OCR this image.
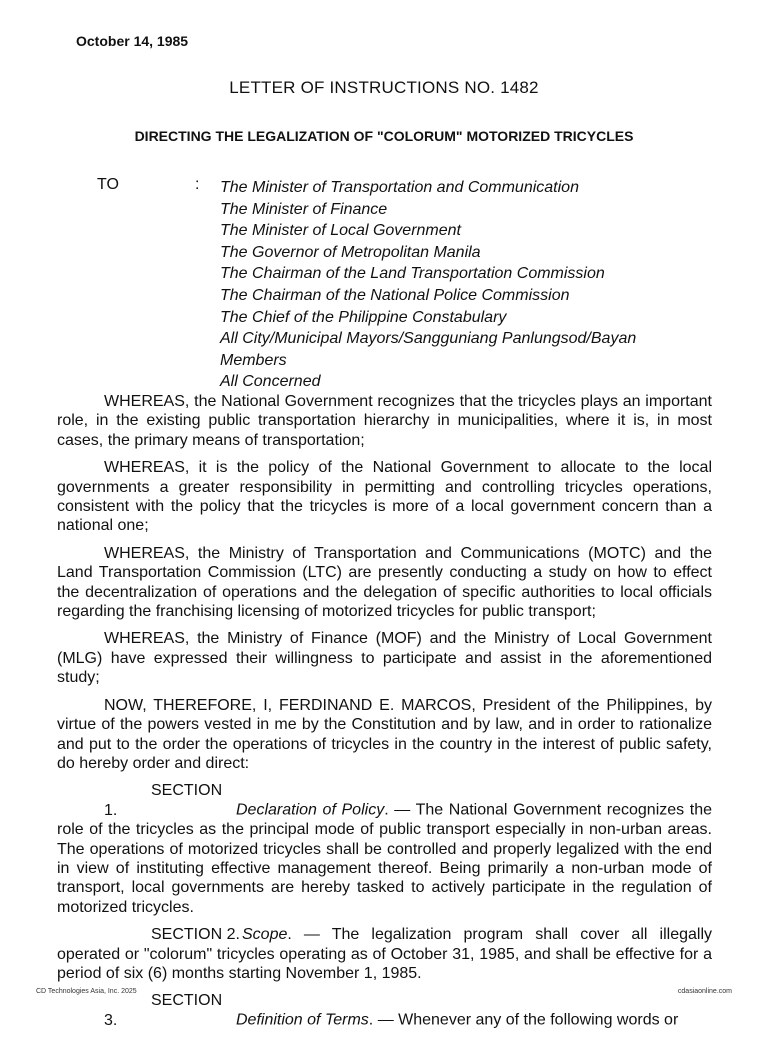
October 14, 1985
LETTER OF INSTRUCTIONS NO. 1482
DIRECTING THE LEGALIZATION OF "COLORUM" MOTORIZED TRICYCLES
TO	: The Minister of Transportation and Communication
The Minister of Finance
The Minister of Local Government
The Governor of Metropolitan Manila
The Chairman of the Land Transportation Commission
The Chairman of the National Police Commission
The Chief of the Philippine Constabulary
All City/Municipal Mayors/Sangguniang Panlungsod/Bayan
Members
All Concerned

WHEREAS, the National Government recognizes that the tricycles plays an important role, in the existing public transportation hierarchy in municipalities, where it is, in most cases, the primary means of transportation;

WHEREAS, it is the policy of the National Government to allocate to the local governments a greater responsibility in permitting and controlling tricycles operations, consistent with the policy that the tricycles is more of a local government concern than a national one;

WHEREAS, the Ministry of Transportation and Communications (MOTC) and the Land Transportation Commission (LTC) are presently conducting a study on how to effect the decentralization of operations and the delegation of specific authorities to local officials regarding the franchising licensing of motorized tricycles for public transport;

WHEREAS, the Ministry of Finance (MOF) and the Ministry of Local Government (MLG) have expressed their willingness to participate and assist in the aforementioned study;

NOW, THEREFORE, I, FERDINAND E. MARCOS, President of the Philippines, by virtue of the powers vested in me by the Constitution and by law, and in order to rationalize and put to the order the operations of tricycles in the country in the interest of public safety, do hereby order and direct:

SECTION 1.	Declaration of Policy. — The National Government recognizes the role of the tricycles as the principal mode of public transport especially in non-urban areas. The operations of motorized tricycles shall be controlled and properly legalized with the end in view of instituting effective management thereof. Being primarily a non-urban mode of transport, local governments are hereby tasked to actively participate in the regulation of motorized tricycles.

SECTION 2. Scope. — The legalization program shall cover all illegally operated or "colorum" tricycles operating as of October 31, 1985, and shall be effective for a period of six (6) months starting November 1, 1985.

SECTION 3.	Definition of Terms. — Whenever any of the following words or

CD Technologies Asia, Inc. 2025	cdasiaonline.com
